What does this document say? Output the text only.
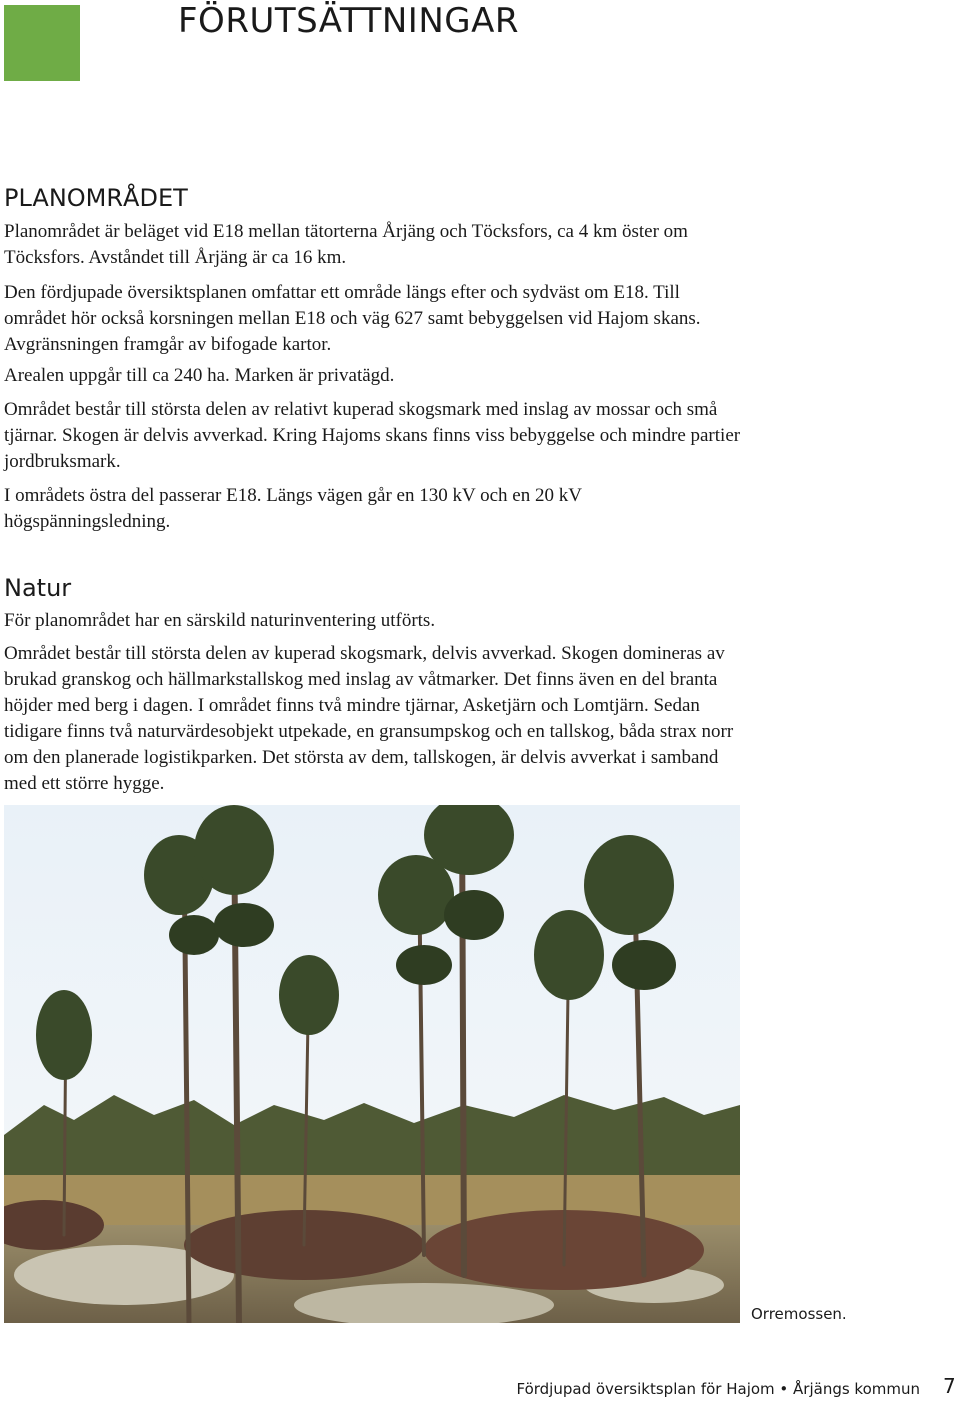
FÖRUTSÄTTNINGAR
PLANOMRÅDET

Planområdet är beläget vid E18 mellan tätorterna Årjäng och Töcksfors, ca 4 km öster om Töcksfors. Avståndet till Årjäng är ca 16 km.

Den fördjupade översiktsplanen omfattar ett område längs efter och sydväst om E18. Till området hör också korsningen mellan E18 och väg 627 samt bebyggelsen vid Hajom skans. Avgränsningen framgår av bifogade kartor.

Arealen uppgår till ca 240 ha. Marken är privatägd.

Området består till största delen av relativt kuperad skogsmark med inslag av mossar och små tjärnar. Skogen är delvis avverkad. Kring Hajoms skans finns viss bebyggelse och mindre partier jordbruksmark.

I områdets östra del passerar E18. Längs vägen går en 130 kV och en 20 kV högspänningsledning.

Natur

För planområdet har en särskild naturinventering utförts.

Området består till största delen av kuperad skogsmark, delvis avverkad. Skogen domineras av brukad granskog och hällmarkstallskog med inslag av våtmarker. Det finns även en del branta höjder med berg i dagen. I området finns två mindre tjärnar, Asketjärn och Lomtjärn. Sedan tidigare finns två naturvärdesobjekt utpekade, en gransumpskog och en tallskog, båda strax norr om den planerade logistikparken. Det största av dem, tallskogen, är delvis avverkat i samband med ett större hygge.

Orremossen.
Fördjupad översiktsplan för Hajom • Årjängs kommun 7
